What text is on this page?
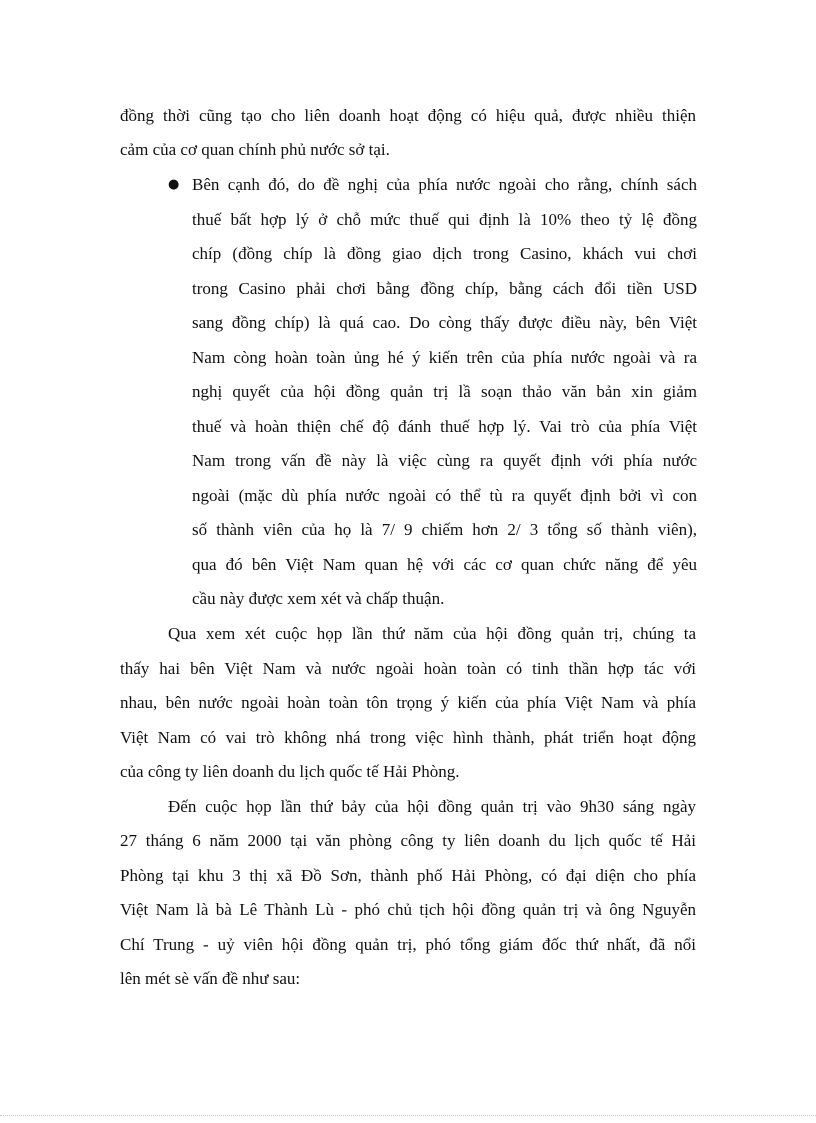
đồng thời cũng tạo cho liên doanh hoạt động có hiệu quả, được nhiều thiện

cảm của cơ quan chính phủ nước sở tại.

● Bên cạnh đó, do đề nghị của phía nước ngoài cho rằng, chính sách

thuế bất hợp lý ở chỗ mức thuế qui định là 10% theo tỷ lệ đồng

chíp (đồng chíp là đồng giao dịch trong Casino, khách vui chơi

trong Casino phải chơi bằng đồng chíp, bằng cách đổi tiền USD

sang đồng chíp) là quá cao. Do còng thấy được điều này, bên Việt

Nam còng hoàn toàn ủng hé ý kiến trên của phía nước ngoài và ra

nghị quyết của hội đồng quản trị lầ soạn thảo văn bản xin giảm

thuế và hoàn thiện chế độ đánh thuế hợp lý. Vai trò của phía Việt

Nam trong vấn đề này là việc cùng ra quyết định với phía nước

ngoài (mặc dù phía nước ngoài có thể tù ra quyết định bởi vì con

số thành viên của họ là 7/ 9 chiếm hơn 2/ 3 tổng số thành viên),

qua đó bên Việt Nam quan hệ với các cơ quan chức năng để yêu

cầu này được xem xét và chấp thuận.

Qua xem xét cuộc họp lần thứ năm của hội đồng quản trị, chúng ta

thấy hai bên Việt Nam và nước ngoài hoàn toàn có tinh thần hợp tác với

nhau, bên nước ngoài hoàn toàn tôn trọng ý kiến của phía Việt Nam và phía

Việt Nam có vai trò không nhá trong việc hình thành, phát triển hoạt động

của công ty liên doanh du lịch quốc tế Hải Phòng.

Đến cuộc họp lần thứ bảy của hội đồng quản trị vào 9h30 sáng ngày

27 tháng 6 năm 2000 tại văn phòng công ty liên doanh du lịch quốc tế Hải

Phòng tại khu 3 thị xã Đồ Sơn, thành phố Hải Phòng, có đại diện cho phía

Việt Nam là bà Lê Thành Lù - phó chủ tịch hội đồng quản trị và ông Nguyễn

Chí Trung - uỷ viên hội đồng quản trị, phó tổng giám đốc thứ nhất, đã nổi

lên mét sè vấn đề như sau:
